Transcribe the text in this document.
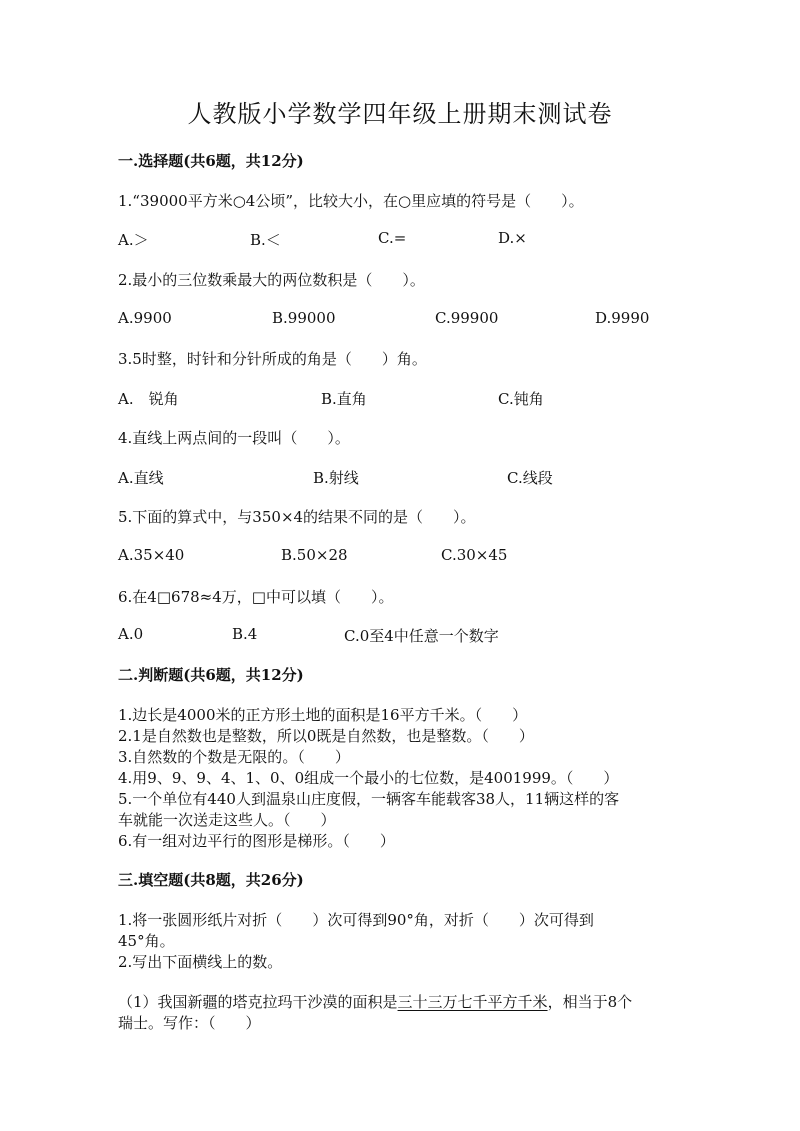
人教版小学数学四年级上册期末测试卷
一.选择题(共6题，共12分)
1.“39000平方米○4公顷”，比较大小，在○里应填的符号是（　　）。
A.＞	B.＜	C.=	D.×
2.最小的三位数乘最大的两位数积是（　　）。
A.9900	B.99000	C.99900	D.9990
3.5时整，时针和分针所成的角是（　　）角。
A.　锐角	B.直角	C.钝角
4.直线上两点间的一段叫（　　）。
A.直线	B.射线	C.线段
5.下面的算式中，与350×4的结果不同的是（　　）。
A.35×40	B.50×28	C.30×45
6.在4□678≈4万，□中可以填（　　）。
A.0	B.4	C.0至4中任意一个数字
二.判断题(共6题，共12分)
1.边长是4000米的正方形土地的面积是16平方千米。（　　）
2.1是自然数也是整数，所以0既是自然数，也是整数。（　　）
3.自然数的个数是无限的。（　　）
4.用9、9、9、4、1、0、0组成一个最小的七位数，是4001999。（　　）
5.一个单位有440人到温泉山庄度假，一辆客车能载客38人，11辆这样的客
车就能一次送走这些人。（　　）
6.有一组对边平行的图形是梯形。（　　）
三.填空题(共8题，共26分)
1.将一张圆形纸片对折（　　）次可得到90°角，对折（　　）次可得到
45°角。
2.写出下面横线上的数。
（1）我国新疆的塔克拉玛干沙漠的面积是三十三万七千平方千米，相当于8个
瑞士。写作：（　　）
